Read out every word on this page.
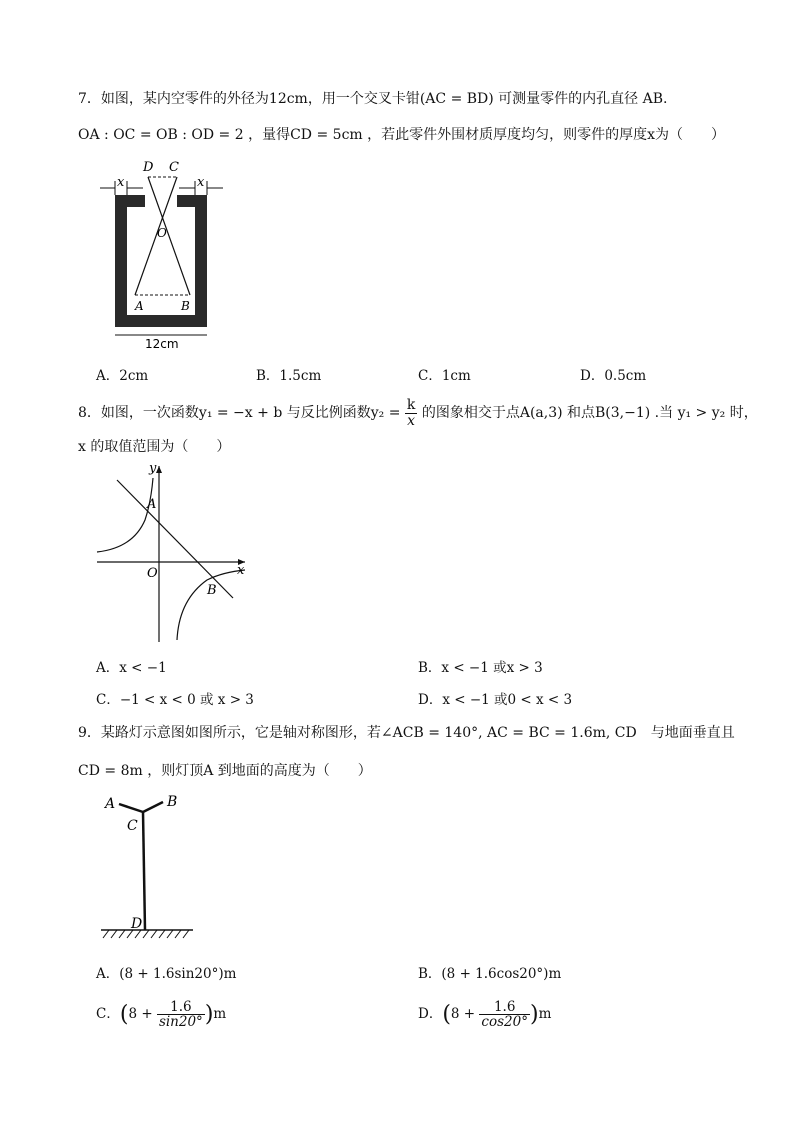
7．如图，某内空零件的外径为12cm，用一个交叉卡钳(AC = BD) 可测量零件的内孔直径 AB.
OA : OC = OB : OD = 2 ，量得CD = 5cm ，若此零件外围材质厚度均匀，则零件的厚度x为（　　）
x	x
D C
O
A	B
12cm
A．2cm	B．1.5cm	C．1cm	D．0.5cm
8．如图，一次函数y₁ = −x + b 与反比例函数$y_2 = \frac{k}{x}$ 的图象相交于点A(a,3) 和点B(3,−1) .当 y₁ > y₂ 时，
x 的取值范围为（　　）
y
x
O
A
B
A．x < −1	B．x < −1 或x > 3
C．−1 < x < 0 或 x > 3	D．x < −1 或0 < x < 3
9．某路灯示意图如图所示，它是轴对称图形，若∠ACB = 140°, AC = BC = 1.6m, CD　与地面垂直且
CD = 8m ，则灯顶A 到地面的高度为（　　）
A	B
C
D
A．(8 + 1.6sin20°)m	B．(8 + 1.6cos20°)m
C．$(8 + \frac{1.6}{\sin 20^\circ} )m$	D．$(8 + \frac{1.6}{\cos 20^\circ} )m$
